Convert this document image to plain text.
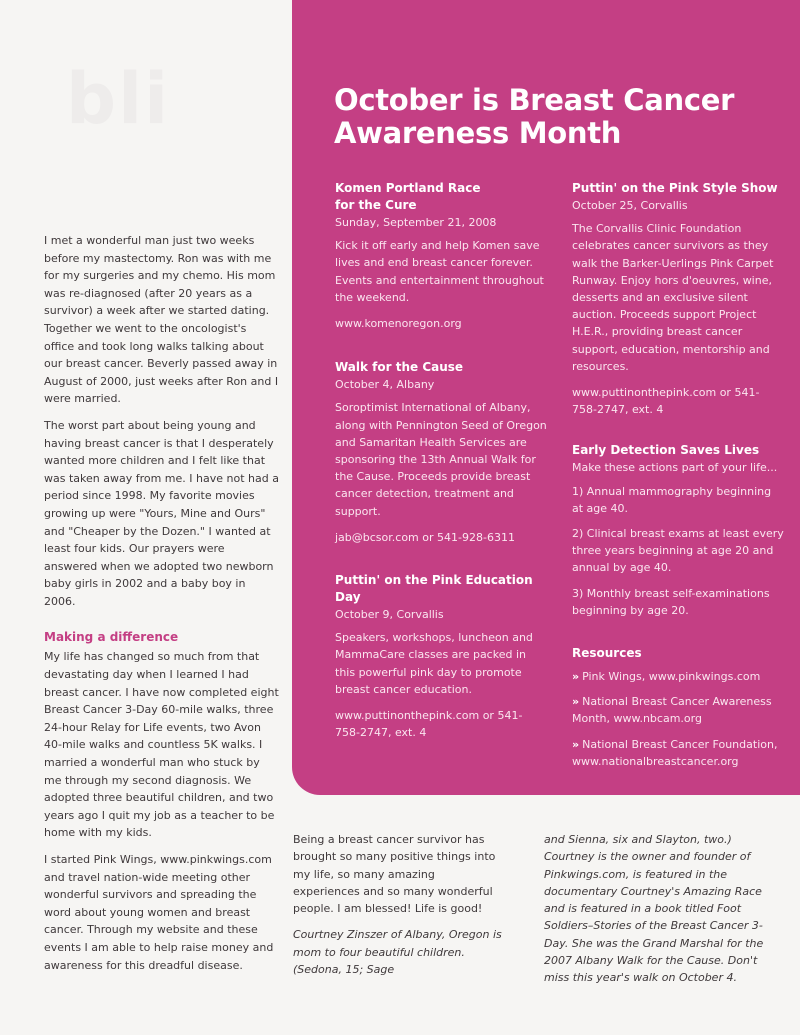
bli	October is Breast Cancer Awareness Month
Komen Portland Race for the Cure

Sunday, September 21, 2008

Kick it off early and help Komen save lives and end breast cancer forever. Events and entertainment throughout the weekend.

www.komenoregon.org

Walk for the Cause

October 4, Albany

Soroptimist International of Albany, along with Pennington Seed of Oregon and Samaritan Health Services are sponsoring the 13th Annual Walk for the Cause. Proceeds provide breast cancer detection, treatment and support.

jab@bcsor.com or 541-928-6311

Puttin' on the Pink Education Day

October 9, Corvallis

Speakers, workshops, luncheon and MammaCare classes are packed in this powerful pink day to promote breast cancer education.

www.puttinonthepink.com or 541-758-2747, ext. 4

Puttin' on the Pink Style Show

October 25, Corvallis

The Corvallis Clinic Foundation celebrates cancer survivors as they walk the Barker-Uerlings Pink Carpet Runway. Enjoy hors d'oeuvres, wine, desserts and an exclusive silent auction. Proceeds support Project H.E.R., providing breast cancer support, education, mentorship and resources.

www.puttinonthepink.com or 541-758-2747, ext. 4

Early Detection Saves Lives

Make these actions part of your life...

1) Annual mammography beginning at age 40.

2) Clinical breast exams at least every three years beginning at age 20 and annual by age 40.

3) Monthly breast self-examinations beginning by age 20.

Resources
» Pink Wings, www.pinkwings.com
» National Breast Cancer Awareness Month, www.nbcam.org
» National Breast Cancer Foundation, www.nationalbreastcancer.org

I met a wonderful man just two weeks before my mastectomy. Ron was with me for my surgeries and my chemo. His mom was re-diagnosed (after 20 years as a survivor) a week after we started dating. Together we went to the oncologist's office and took long walks talking about our breast cancer. Beverly passed away in August of 2000, just weeks after Ron and I were married.

The worst part about being young and having breast cancer is that I desperately wanted more children and I felt like that was taken away from me. I have not had a period since 1998. My favorite movies growing up were "Yours, Mine and Ours" and "Cheaper by the Dozen." I wanted at least four kids. Our prayers were answered when we adopted two newborn baby girls in 2002 and a baby boy in 2006.

Making a difference

My life has changed so much from that devastating day when I learned I had breast cancer. I have now completed eight Breast Cancer 3-Day 60-mile walks, three 24-hour Relay for Life events, two Avon 40-mile walks and countless 5K walks. I married a wonderful man who stuck by me through my second diagnosis. We adopted three beautiful children, and two years ago I quit my job as a teacher to be home with my kids.

I started Pink Wings, www.pinkwings.com and travel nation-wide meeting other wonderful survivors and spreading the word about young women and breast cancer. Through my website and these events I am able to help raise money and awareness for this dreadful disease.

Being a breast cancer survivor has brought so many positive things into my life, so many amazing experiences and so many wonderful people. I am blessed! Life is good!

Courtney Zinszer of Albany, Oregon is mom to four beautiful children. (Sedona, 15; Sage

and Sienna, six and Slayton, two.) Courtney is the owner and founder of Pinkwings.com, is featured in the documentary Courtney's Amazing Race and is featured in a book titled Foot Soldiers–Stories of the Breast Cancer 3-Day. She was the Grand Marshal for the 2007 Albany Walk for the Cause. Don't miss this year's walk on October 4.
